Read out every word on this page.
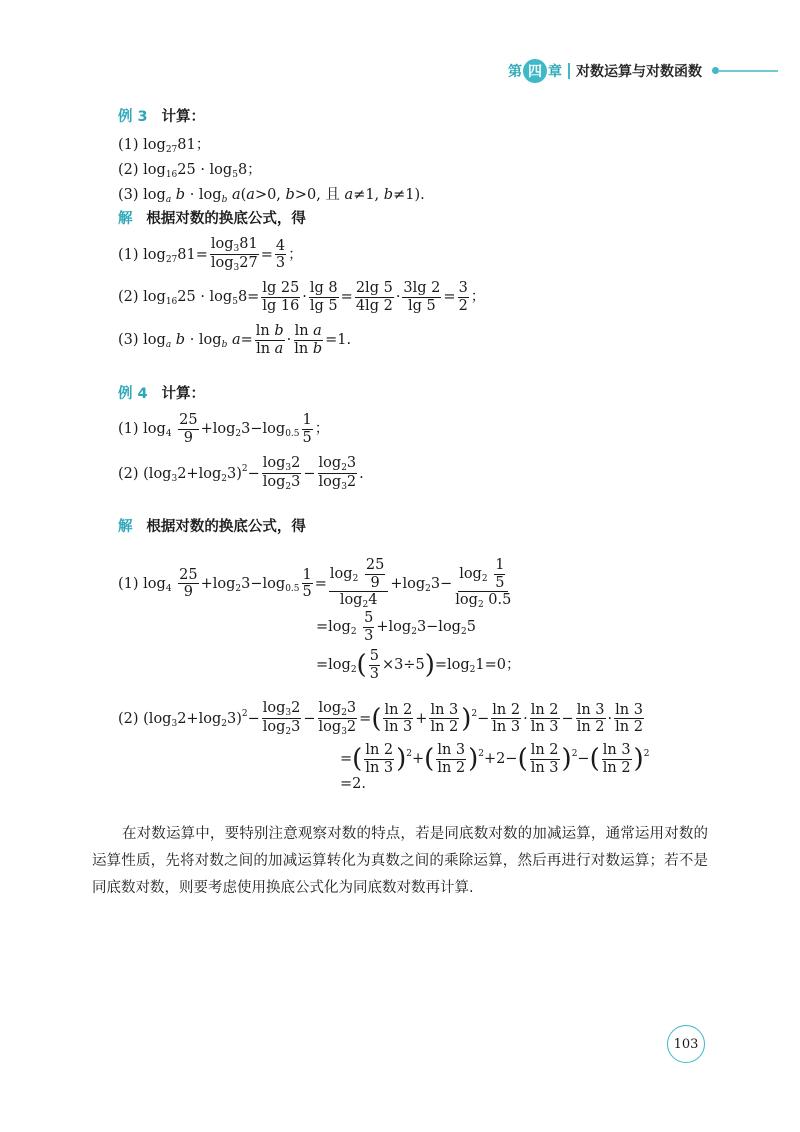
第 四 章 对数运算与对数函数
例 3 计算：
(1) $\log_{27}81$；
(2) $\log_{16}25 \cdot \log_58$；
(3) $\log_a b \cdot \log_b a(a>0$, b>0, 且 a≠1, b≠1).
解 根据对数的换底公式，得
(1) $\log_{27}81= \frac{\log_381}{\log_327} = \frac{4}{3}$ ；
(2) $\log_{16}25 \cdot \log_58= \frac{\lg 25}{\lg 16} \cdot \frac{\lg 8}{\lg 5} = \frac{2\lg 5}{4\lg 2} \cdot \frac{3\lg 2}{\lg 5} = \frac{3}{2}$ ；
(3) $\log_a b \cdot \log_b a= \frac{\text{ln b}}{\text{ln a}} \cdot \frac{\text{ln a}}{\text{ln b}} =1$.
例 4 计算：
(1) $\log_4 \frac{25}{9} +\log_23-\log_{0.5} \frac{1}{5}$ ；
(2) $(\log_32+\log_23)^2- \frac{\log_32}{\log_23} - \frac{\log_23}{\log_32}$ .
解 根据对数的换底公式，得
(1) $\log_4 \frac{25}{9} +\log_23-\log_{0.5} \frac{1}{5} = \frac{\log_2 \frac{25}{9}}{\log_24} +\log_23- \frac{\log_2 \frac{1}{5}}{\log_2 0.5}$
$=\log_2 \frac{5}{3} +\log_23-\log_25$
$=\log_2( \frac{5}{3} \times 3\div 5)=\log_21=0$；
(2) $(\log_32+\log_23)^2- \frac{\log_32}{\log_23} - \frac{\log_23}{\log_32}$ =( $\frac{\ln 2}{\ln 3} + \frac{\ln 3}{\ln 2} )^2- \frac{\ln 2}{\ln 3} \cdot \frac{\ln 2}{\ln 3} - \frac{\ln 3}{\ln 2} \cdot \frac{\ln 3}{\ln 2}$
=( $\frac{\ln 2}{\ln 3} )^2+( \frac{\ln 3}{\ln 2} )^2+2-( \frac{\ln 2}{\ln 3} )^2-( \frac{\ln 3}{\ln 2} )^2$
=2.
在对数运算中，要特别注意观察对数的特点，若是同底数对数的加减运算，通常运用对数的运算性质，先将对数之间的加减运算转化为真数之间的乘除运算，然后再进行对数运算；若不是同底数对数，则要考虑使用换底公式化为同底数对数再计算.
103
